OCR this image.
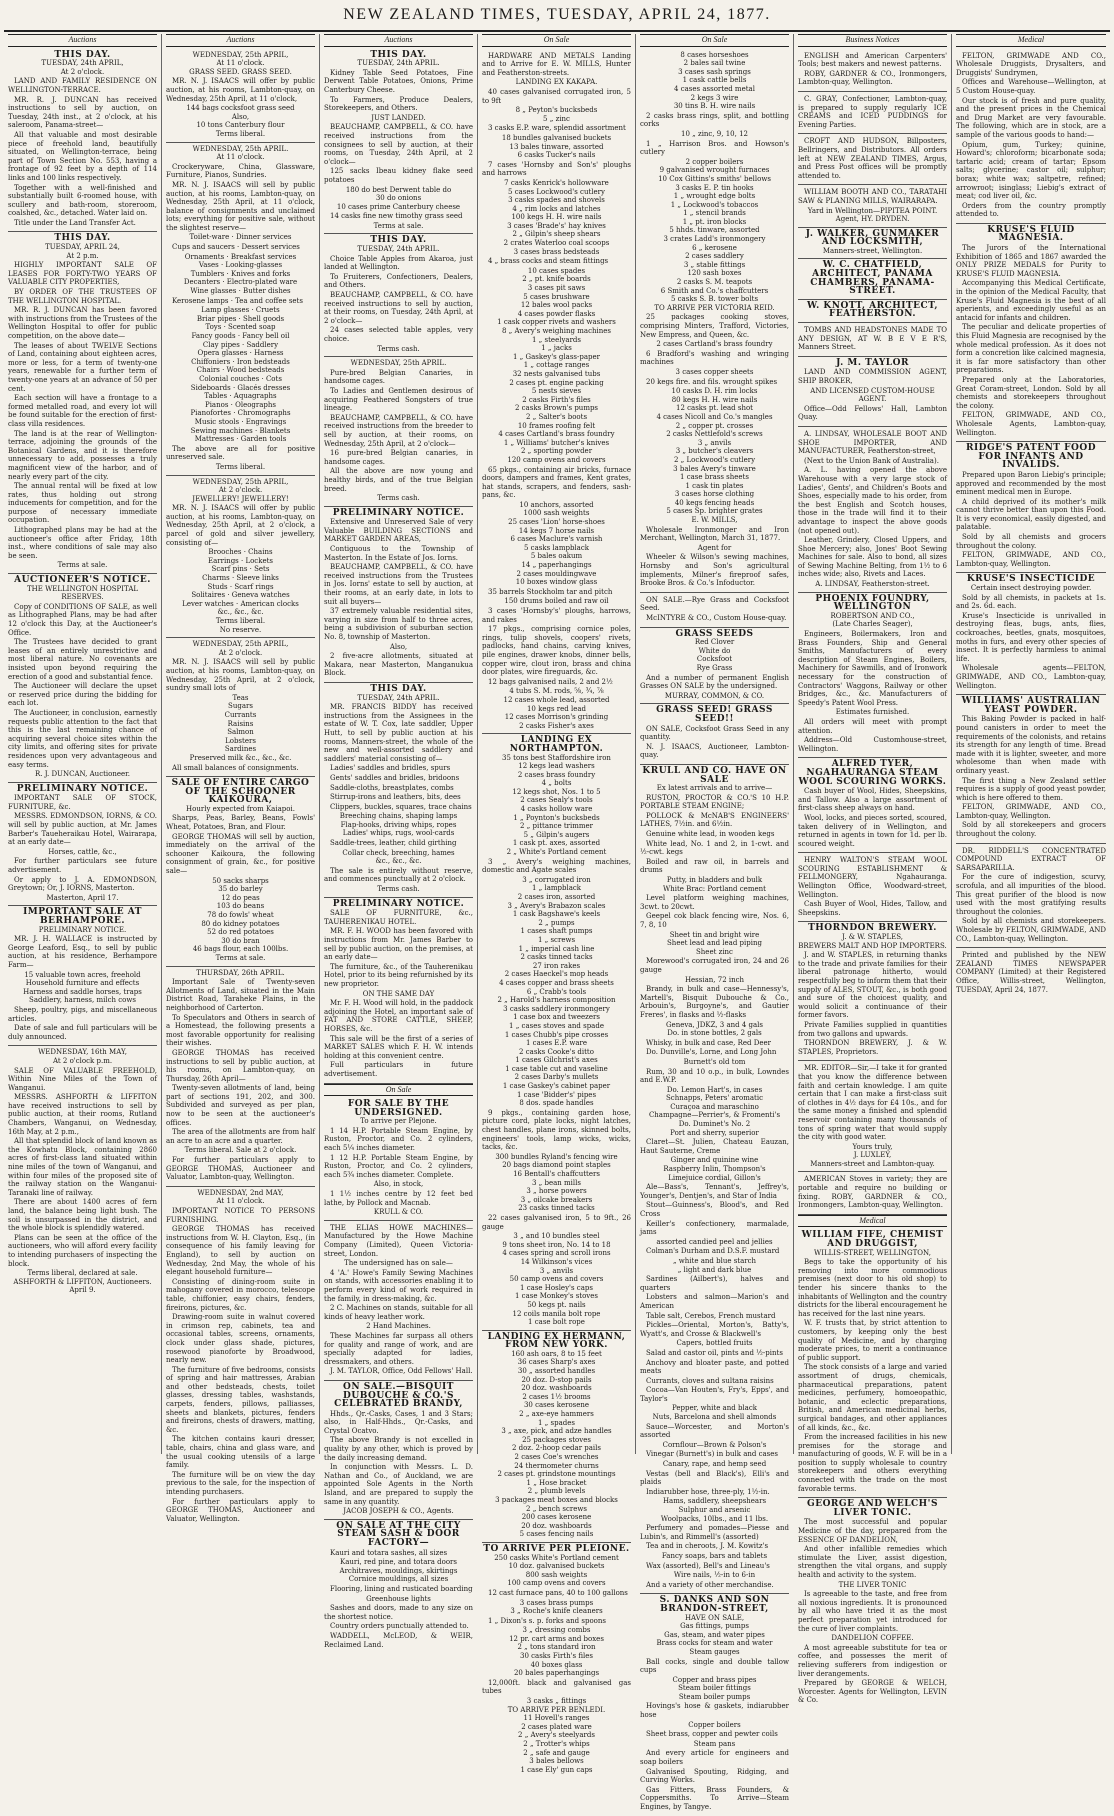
NEW ZEALAND TIMES, TUESDAY, APRIL 24, 1877.
Auctions
THIS DAY.
TUESDAY, 24th APRIL,
At 2 o'clock.
LAND AND FAMILY RESIDENCE ON WELLINGTON-TERRACE.
MR. R. J. DUNCAN has received instructions to sell by auction, on Tuesday, 24th inst., at 2 o'clock, at his saleroom, Panama-street—
All that valuable and most desirable piece of freehold land, beautifully situated, on Wellington-terrace, being part of Town Section No. 553, having a frontage of 92 feet by a depth of 114 links and 100 links respectively.
Together with a well-finished and substantially built 6-roomed house, with scullery and bath-room, storeroom, coalshed, &c., detached. Water laid on.
Title under the Land Transfer Act.
THIS DAY.
TUESDAY, APRIL 24,
At 2 p.m.
HIGHLY IMPORTANT SALE OF LEASES FOR FORTY-TWO YEARS OF VALUABLE CITY PROPERTIES,
BY ORDER OF THE TRUSTEES OF THE WELLINGTON HOSPITAL.
MR. R. J. DUNCAN has been favored with instructions from the Trustees of the Wellington Hospital to offer for public competition, on the above date—
The leases of about TWELVE Sections of Land, containing about eighteen acres, more or less, for a term of twenty-one years, renewable for a further term of twenty-one years at an advance of 50 per cent.
Each section will have a frontage to a formed metalled road, and every lot will be found suitable for the erection of first-class villa residences.
The land is at the rear of Wellington-terrace, adjoining the grounds of the Botanical Gardens, and it is therefore unnecessary to add, possesses a truly magnificent view of the harbor, and of nearly every part of the city.
The annual rental will be fixed at low rates, thus holding out strong inducements for competition, and for the purpose of necessary immediate occupation.
Lithographed plans may be had at the auctioneer's office after Friday, 18th inst., where conditions of sale may also be seen.
Terms at sale.
AUCTIONEER'S NOTICE.
THE WELLINGTON HOSPITAL RESERVES.
Copy of CONDITIONS OF SALE, as well as Lithographed Plans, may be had after 12 o'clock this Day, at the Auctioneer's Office.
The Trustees have decided to grant leases of an entirely unrestrictive and most liberal nature. No covenants are insisted upon beyond requiring the erection of a good and substantial fence.
The Auctioneer will declare the upset or reserved price during the bidding for each lot.
The Auctioneer, in conclusion, earnestly requests public attention to the fact that this is the last remaining chance of acquiring several choice sites within the city limits, and offering sites for private residences upon very advantageous and easy terms.
R. J. DUNCAN, Auctioneer.
PRELIMINARY NOTICE.
IMPORTANT SALE OF STOCK, FURNITURE, &c.
MESSRS. EDMONDSON, IORNS, & CO. will sell by public auction, at Mr. James Barber's Taueheraikau Hotel, Wairarapa, at an early date—
Horses, cattle, &c.,
For further particulars see future advertisement.
Or apply to J. A. EDMONDSON, Greytown; Or, J. IORNS, Masterton.
Masterton, April 17.
IMPORTANT SALE AT BERHAMPORE.
PRELIMINARY NOTICE.
MR. J. H. WALLACE is instructed by George Leaford, Esq., to sell by public auction, at his residence, Berhampore Farm—
15 valuable town acres, freehold
Household furniture and effects
Harness and saddle horses, traps
Saddlery, harness, milch cows
Sheep, poultry, pigs, and miscellaneous articles.
Date of sale and full particulars will be duly announced.
WEDNESDAY, 16th MAY,
At 2 o'clock p.m.
SALE OF VALUABLE FREEHOLD, Within Nine Miles of the Town of Wanganui.
MESSRS. ASHFORTH & LIFFITON have received instructions to sell by public auction, at their rooms, Rutland Chambers, Wanganui, on Wednesday, 16th May, at 2 p.m.,
All that splendid block of land known as the Kowhatu Block, containing 2860 acres of first-class land situated within nine miles of the town of Wanganui, and within four miles of the proposed site of the railway station on the Wanganui-Taranaki line of railway.
There are about 1400 acres of fern land, the balance being light bush. The soil is unsurpassed in the district, and the whole block is splendidly watered.
Plans can be seen at the office of the auctioneers, who will afford every facility to intending purchasers of inspecting the block.
Terms liberal, declared at sale.
ASHFORTH & LIFFITON, Auctioneers.
April 9.
Auctions
WEDNESDAY, 25th APRIL,
At 11 o'clock.
GRASS SEED. GRASS SEED.
MR. N. J. ISAACS will offer by public auction, at his rooms, Lambton-quay, on Wednesday, 25th April, at 11 o'clock,
144 bags cocksfoot grass seed
Also,
10 tons Canterbury flour
Terms liberal.
WEDNESDAY, 25th APRIL.
At 11 o'clock.
Crockeryware, China, Glassware, Furniture, Pianos, Sundries.
MR. N. J. ISAACS will sell by public auction, at his rooms, Lambton-quay, on Wednesday, 25th April, at 11 o'clock, balance of consignments and unclaimed lots; everything for positive sale, without the slightest reserve—
Toilet-ware · Dinner services
Cups and saucers · Dessert services
Ornaments · Breakfast services
Vases · Looking-glasses
Tumblers · Knives and forks
Decanters · Electro-plated ware
Wine glasses · Butter dishes
Kerosene lamps · Tea and coffee sets
Lamp glasses · Cruets
Briar pipes · Shell goods
Toys · Scented soap
Fancy goods · Fancy bell oil
Clay pipes · Saddlery
Opera glasses · Harness
Chiffoniers · Iron bedsteads
Chairs · Wood bedsteads
Colonial couches · Cots
Sideboards · Glacés dresses
Tables · Aquagraphs
Pianos · Oleographs
Pianofortes · Chromographs
Music stools · Engravings
Sewing machines · Blankets
Mattresses · Garden tools
The above are all for positive unreserved sale.
Terms liberal.
WEDNESDAY, 25th APRIL,
At 2 o'clock.
JEWELLERY! JEWELLERY!
MR. N. J. ISAACS will offer by public auction, at his rooms, Lambton-quay, on Wednesday, 25th April, at 2 o'clock, a parcel of gold and silver jewellery, consisting of—
Brooches · Chains
Earrings · Lockets
Scarf pins · Sets
Charms · Sleeve links
Studs · Scarf rings
Solitaires · Geneva watches
Lever watches · American clocks
&c., &c., &c.
Terms liberal.
No reserve.
WEDNESDAY, 25th APRIL,
At 2 o'clock.
MR. N. J. ISAACS will sell by public auction, at his rooms, Lambton-quay, on Wednesday, 25th April, at 2 o'clock, sundry small lots of
Teas
Sugars
Currants
Raisins
Salmon
Lobsters
Sardines
Preserved milk &c., &c., &c.
All small balances of consignments.
SALE OF ENTIRE CARGO OF THE SCHOONER KAIKOURA,
Hourly expected from Kaiapoi.
Sharps, Peas, Barley, Beans, Fowls' Wheat, Potatoes, Bran, and Flour.
GEORGE THOMAS will sell by auction, immediately on the arrival of the schooner Kaikoura, the following consignment of grain, &c., for positive sale—
50 sacks sharps
35 do barley
12 do peas
103 do beans
78 do fowls' wheat
80 do kidney potatoes
52 do red potatoes
30 do bran
46 bags flour, each 100lbs.
Terms at sale.
THURSDAY, 26th APRIL.
Important Sale of Twenty-seven Allotments of Land, situated in the Main District Road, Taraheke Plains, in the neighborhood of Carterton.
To Speculators and Others in search of a Homestead, the following presents a most favorable opportunity for realising their wishes.
GEORGE THOMAS has received instructions to sell by public auction, at his rooms, on Lambton-quay, on Thursday, 26th April—
Twenty-seven allotments of land, being part of sections 191, 202, and 300. Subdivided and surveyed as per plan, now to be seen at the auctioneer's offices.
The area of the allotments are from half an acre to an acre and a quarter.
Terms liberal. Sale at 2 o'clock.
For further particulars apply to GEORGE THOMAS, Auctioneer and Valuator, Lambton-quay, Wellington.
WEDNESDAY, 2nd MAY,
At 11 o'clock.
IMPORTANT NOTICE TO PERSONS FURNISHING.
GEORGE THOMAS has received instructions from W. H. Clayton, Esq., (in consequence of his family leaving for England), to sell by auction on Wednesday, 2nd May, the whole of his elegant household furniture—
Consisting of dining-room suite in mahogany covered in morocco, telescope table, chiffonier, easy chairs, fenders, fireirons, pictures, &c.
Drawing-room suite in walnut covered in crimson rep, cabinets, tea and occasional tables, screens, ornaments, clock under glass shade, pictures, rosewood pianoforte by Broadwood, nearly new.
The furniture of five bedrooms, consists of spring and hair mattresses, Arabian and other bedsteads, chests, toilet glasses, dressing tables, washstands, carpets, fenders, pillows, palliasses, sheets and blankets, pictures, fenders and fireirons, chests of drawers, matting, &c.
The kitchen contains kauri dresser, table, chairs, china and glass ware, and the usual cooking utensils of a large family.
The furniture will be on view the day previous to the sale, for the inspection of intending purchasers.
For further particulars apply to GEORGE THOMAS, Auctioneer and Valuator, Wellington.
Auctions
THIS DAY.
TUESDAY, 24th APRIL.
Kidney Table Seed Potatoes, Fine Derwent Table Potatoes, Onions, Prime Canterbury Cheese.
To Farmers, Produce Dealers, Storekeepers, and Others.
JUST LANDED.
BEAUCHAMP, CAMPBELL, & CO. have received instructions from the consignees to sell by auction, at their rooms, on Tuesday, 24th April, at 2 o'clock—
125 sacks Ibeau kidney flake seed potatoes
180 do best Derwent table do
30 do onions
10 cases prime Canterbury cheese
14 casks fine new timothy grass seed
Terms at sale.
THIS DAY.
TUESDAY, 24th APRIL.
Choice Table Apples from Akaroa, just landed at Wellington.
To Fruiterers, Confectioners, Dealers, and Others.
BEAUCHAMP, CAMPBELL, & CO. have received instructions to sell by auction, at their rooms, on Tuesday, 24th April, at 2 o'clock—
24 cases selected table apples, very choice.
Terms cash.
WEDNESDAY, 25th APRIL.
Pure-bred Belgian Canaries, in handsome cages.
To Ladies and Gentlemen desirous of acquiring Feathered Songsters of true lineage.
BEAUCHAMP, CAMPBELL, & CO. have received instructions from the breeder to sell by auction, at their rooms, on Wednesday, 25th April, at 2 o'clock—
16 pure-bred Belgian canaries, in handsome cages.
All the above are now young and healthy birds, and of the true Belgian breed.
Terms cash.
PRELIMINARY NOTICE.
Extensive and Unreserved Sale of very Valuable BUILDING SECTIONS and MARKET GARDEN AREAS,
Contiguous to the Township of Masterton. In the Estate of Jos. Iorns.
BEAUCHAMP, CAMPBELL, & CO. have received instructions from the Trustees in Jos. Iorns' estate to sell by auction, at their rooms, at an early date, in lots to suit all buyers—
37 extremely valuable residential sites, varying in size from half to three acres, being a subdivision of suburban section No. 8, township of Masterton.
Also,
2 five-acre allotments, situated at Makara, near Masterton, Manganukua Block.
THIS DAY.
TUESDAY, 24th APRIL.
MR. FRANCIS BIDDY has received instructions from the Assignees in the estate of W. T. Cox, late saddler, Upper Hutt, to sell by public auction at his rooms, Manners-street, the whole of the new and well-assorted saddlery and saddlers' material consisting of—
Ladies' saddles and bridles, spurs
Gents' saddles and bridles, bridoons
Saddle-cloths, breastplates, combs
Stirrup-irons and leathers, bits, dees
Clippers, buckles, squares, trace chains
Breeching chains, shaping lamps
Flap-hooks, driving whips, ropes
Ladies' whips, rugs, wool-cards
Saddle-trees, leather, child girthing
Collar check, breeching, hames
&c., &c., &c.
The sale is entirely without reserve, and commences punctually at 2 o'clock.
Terms cash.
PRELIMINARY NOTICE.
SALE OF FURNITURE, &c., TAUHERENIKAU HOTEL.
MR. F. H. WOOD has been favored with instructions from Mr. James Barber to sell by public auction, on the premises, at an early date—
The furniture, &c., of the Tauherenikau Hotel, prior to its being refurnished by its new proprietor.
ON THE SAME DAY
Mr. F. H. Wood will hold, in the paddock adjoining the Hotel, an important sale of FAT AND STORE CATTLE, SHEEP, HORSES, &c.
This sale will be the first of a series of MARKET SALES which F. H. W. intends holding at this convenient centre.
Full particulars in future advertisement.
On Sale
FOR SALE BY THE UNDERSIGNED.
To arrive per Plejone.
1 14 H.P. Portable Steam Engine, by Ruston, Proctor, and Co. 2 cylinders, each 5¼ inches diameter.
1 12 H.P. Portable Steam Engine, by Ruston, Proctor, and Co. 2 cylinders, each 5¾ inches diameter. Complete.
Also, in stock,
1 1½ inches centre by 12 feet bed lathe, by Pollock and Macnab.
KRULL & CO.
THE ELIAS HOWE MACHINES—Manufactured by the Howe Machine Company (Limited), Queen Victoria-street, London.
The undersigned has on sale—
4 'A.' Howe's Family Sewing Machines on stands, with accessories enabling it to perform every kind of work required in the family, in dress-making, &c.
2 C. Machines on stands, suitable for all kinds of heavy leather work.
2 Hand Machines.
These Machines far surpass all others for quality and range of work, and are specially adapted for ladies, dressmakers, and others.
J. M. TAYLOR, Office, Odd Fellows' Hall.
ON SALE.—BISQUIT DUBOUCHE & CO.'S CELEBRATED BRANDY,
Hhds., Qr.-Casks, Cases, 1 and 3 Stars; also, in Half-Hhds., Qr.-Casks, and Crystal Ocatvo.
The above Brandy is not excelled in quality by any other, which is proved by the daily increasing demand.
In conjunction with Messrs. L. D. Nathan and Co., of Auckland, we are appointed Sole Agents in the North Island, and are prepared to supply the same in any quantity.
JACOB JOSEPH & CO., Agents.
ON SALE AT THE CITY STEAM SASH & DOOR FACTORY—
Kauri and totara sashes, all sizes
Kauri, red pine, and totara doors
Architraves, mouldings, skirtings
Cornice mouldings, all sizes
Flooring, lining and rusticated boarding
Greenhouse lights
Sashes and doors, made to any size on the shortest notice.
Country orders punctually attended to.
WADDELL, McLEOD, & WEIR, Reclaimed Land.
On Sale
HARDWARE AND METALS Landing and to Arrive for E. W. MILLS, Hunter and Featherston-streets.
LANDING EX KAKAPA.
40 cases galvanised corrugated iron, 5 to 9ft
8 „ Peyton's bucksbeds
5 „ zinc
3 casks E.P. ware, splendid assortment
18 bundles galvanised buckets
13 bales tinware, assorted
6 casks Tucker's nails
7 cases 'Hornsby and Son's' ploughs and harrows
7 casks Kenrick's hollowware
5 cases Lockwood's cutlery
3 casks spades and shovels
4 „ rim locks and latches
100 kegs H. H. wire nails
3 cases 'Brade's' hay knives
2 „ Gilpin's sheep shears
2 crates Waterloo coal scoops
3 cases brass bedsteads
4 „ brass cocks and steam fittings
10 cases spades
2 „ pt. knife boards
3 cases pit saws
5 cases brushware
12 bales wool packs
4 cases powder flasks
1 cask copper rivets and washers
8 „ Avery's weighing machines
1 „ steelyards
1 „ jacks
1 „ Gaskey's glass-paper
1 „ cottage ranges
32 nests galvanised tubs
2 cases pt. engine packing
5 nests sieves
2 casks Firth's files
2 casks Brown's pumps
2 „ Salter's boots
10 frames roofing felt
4 cases Cartland's brass foundry
1 „ Williams' butcher's knives
2 „ sporting powder
120 camp ovens and covers
65 pkgs., containing air bricks, furnace doors, dampers and frames, Kent grates, hat stands, scrapers, and fenders, sash-pans, &c.
10 anchors, assorted
1000 sash weights
25 cases 'Lion' horse-shoes
14 kegs 7 horse nails
6 cases Maclure's varnish
5 casks lampblack
5 bales oakum
14 „ paperhangings
2 cases mouldingwave
10 boxes window glass
35 barrels Stockholm tar and pitch
150 drums boiled and raw oil
3 cases 'Hornsby's' ploughs, harrows, and rakes
17 pkgs., comprising cornice poles, rings, tulip shovels, coopers' rivets, padlocks, hand chains, carving knives, pile engines, drawer knobs, dinner bells, copper wire, clout iron, brass and china door plates, wire fireguards, &c.
12 bags galvanised nails, 2 and 2½
4 tubs S. M. rods, ⅝, ¾, ⅞
12 cases whole lead, assorted
10 kegs red lead
12 cases Morrison's grinding
2 casks Fisher's axes
LANDING EX NORTHAMPTON.
35 tons best Staffordshire iron
12 kegs lead washers
2 cases brass foundry
4 „ bolts
12 kegs shot, Nos. 1 to 5
2 cases Sealy's tools
4 casks hollow ware
1 „ Poynton's bucksbeds
2 „ pittance trimmer
5 „ Gilpin's augers
1 cask pt. axes, assorted
2 „ White's Portland cement
3 „ Avery's weighing machines, domestic and Agate scales
3 „ corrugated iron
1 „ lampblack
2 cases iron, assorted
3 „ Avery's Brabazon scales
1 cask Bagshawe's keels
2 „ pumps
1 cases shaft pumps
1 „ screws
1 „ imperial cash line
2 casks tinned tacks
27 iron rakes
2 cases Haeckel's mop heads
4 cases copper and brass sheets
6 „ Crabb's tools
2 „ Harold's harness composition
3 casks saddlery ironmongery
1 case box and tweezers
1 „ cases stoves and spade
1 cases Chubb's pipe crosses
1 cases E.P. ware
2 casks Cooke's ditto
1 cases Gilchrist's axes
1 case table cut and vaseline
2 cases Darby's mullets
1 case Gaskey's cabinet paper
1 case 'Bidder's' pipes
8 dos. spade handles
9 pkgs., containing garden hose, picture cord, plate locks, night latches, chest handles, plane irons, skinned bolts, engineers' tools, lamp wicks, wicks, tacks, &c.
300 bundles Ryland's fencing wire
20 bags diamond point staples
16 Bentall's chaffcutters
3 „ bean mills
3 „ horse powers
3 „ oilcake breakers
23 casks tinned tacks
22 cases galvanised iron, 5 to 9ft., 26 gauge
3 „ and 10 bundles steel
9 tons sheet iron, No. 14 to 18
4 cases spring and scroll irons
14 Wilkinson's vices
3 „ anvils
50 camp ovens and covers
1 case Hosley's caps
1 case Monkey's stoves
50 kegs pt. nails
12 coils manila bolt rope
1 case bolt rope
LANDING EX HERMANN, FROM NEW YORK.
160 ash oars, 8 to 15 feet
36 cases Sharp's axes
30 „ assorted handles
20 doz. D-stop pails
20 doz. washboards
2 cases 1½ brooms
30 cases kerosene
2 „ axe-eye hammers
1 „ spades
3 „ axe, pick, and adze handles
25 packages stoves
2 doz. 2-hoop cedar pails
2 cases Coe's wrenches
24 thermometer churns
2 cases pt. grindstone mountings
1 „ Hose bracket
2 „ plumb levels
3 packages meat boxes and blocks
2 „ bench screws
200 cases kerosene
20 doz. washboards
5 cases fencing nails
TO ARRIVE PER PLEIONE.
250 casks White's Portland cement
10 doz. galvanised buckets
800 sash weights
100 camp ovens and covers
12 cast furnace pans, 40 to 100 gallons
3 cases brass pumps
3 „ Roche's knife cleaners
1 „ Dixon's s. p. forks and spoons
3 „ dressing combs
12 pr. cart arms and boxes
2 „ tons standard iron
30 casks Firth's files
40 boxes glass
20 bales paperhangings
12,000ft. black and galvanised gas tubes
3 casks „ fittings
TO ARRIVE PER BENLEDI.
11 Hovell's ranges
2 cases plated ware
2 „ Avery's steelyards
2 „ Trotter's whips
2 „ safe and gauge
3 bales bellows
1 case Ely' gun caps
On Sale
8 cases horseshoes
2 bales sail twine
3 cases sash springs
1 cask cattle bells
4 cases assorted metal
2 kegs 3 wire
30 tins B. H. wire nails
2 casks brass rings, split, and bottling corks
10 „ zinc, 9, 10, 12
1 „ Harrison Bros. and Howson's cutlery
2 copper boilers
9 galvanised wrought furnaces
10 Cox Gittins's smiths' bellows
3 casks E. P. tin hooks
1 „ wrought edge bolts
1 „ Lockwood's tobaccos
1 „ stencil brands
1 „ pt. iron blocks
5 hhds. tinware, assorted
3 crates Ladd's ironmongery
6 „ kerosene
2 cases saddlery
3 „ stable fittings
120 sash boxes
2 casks S. M. teapots
6 Smith and Co.'s chaffcutters
5 casks S. B. tower bolts
TO ARRIVE PER VICTORIA REID.
25 packages cooking stoves, comprising Minters, Trafford, Victories, New Empress, and Queen, &c.
2 cases Cartland's brass foundry
6 Bradford's washing and wringing machines
3 cases copper sheets
20 kegs fire. and fils. wrought spikes
10 casks D. H. rim locks
80 kegs H. H. wire nails
12 casks pt. lead shot
4 cases Nicoll and Co.'s mangles
2 „ copper pt. crosses
2 casks Nettlefold's screws
3 „ anvils
3 „ butcher's cleavers
2 „ Lockwood's cutlery
3 bales Avery's tinware
1 case brass sheets
1 cask tin plates
3 cases horse clothing
40 kegs fencing heads
5 cases Sp. brighter grates
E. W. MILLS,
Wholesale Ironmonger and Iron Merchant, Wellington, March 31, 1877.
Agent for
Wheeler & Wilson's sewing machines, Hornsby and Son's agricultural implements, Milner's fireproof safes, Brooke Bros. & Co.'s Infoductor.
ON SALE.—Rye Grass and Cocksfoot Seed.
McINTYRE & CO., Custom House-quay.
GRASS SEEDS
Red Clover
White do
Cocksfoot
Rye Grass
And a number of permanent English Grasses ON SALE by the undersigned.
MURRAY, COMMON, & CO.
GRASS SEED! GRASS SEED!!
ON SALE, Cocksfoot Grass Seed in any quantity.
N. J. ISAACS, Auctioneer, Lambton-quay.
KRULL AND CO. HAVE ON SALE
Ex latest arrivals and to arrive—
RUSTON, PROCTOR & CO.'S 10 H.P. PORTABLE STEAM ENGINE;
POLLOCK & McNAB'S ENGINEERS' LATHES, 7½in. and 6½in.
Genuine white lead, in wooden kegs
White lead, No. 1 and 2, in 1-cwt. and ½-cwt. kegs
Boiled and raw oil, in barrels and drums
Putty, in bladders and bulk
White Brac: Portland cement
Level platform weighing machines, 3cwt. to 20cwt.
Geepel cok black fencing wire, Nos. 6, 7, 8, 10
Sheet tin and bright wire
Sheet lead and lead piping
Sheet zinc
Morewood's corrugated iron, 24 and 26 gauge
Hessian, 72 inch
Brandy, in bulk and case—Hennessy's, Martell's, Bisquit Dubouche & Co., Arbouin's, Burgoyne's, and Gautier Freres', in flasks and ½-flasks
Geneva, JDKZ, 3 and 4 gals
Do. in stone bottles, 2 gals
Whisky, in bulk and case, Red Deer
Do. Dunville's, Lorne, and Long John
Burnett's old tom
Rum, 30 and 10 o.p., in bulk, Lowndes and E.W.P.
Do. Lemon Hart's, in cases
Schnapps, Peters' aromatic
Curaçoa and maraschino
Champagne—Perrier's, & Fromenti's
Do. Duminet's No. 2
Port and sherry, superior
Claret—St. Julien, Chateau Eauzan, Haut Sauterne, Creme
Ginger and quinine wine
Raspberry Inlin, Thompson's
Limejuice cordial, Gillon's
Ale—Bass's, Tennant's, Jeffrey's, Younger's, Dentjen's, and Star of India
Stout—Guinness's, Blood's, and Red Cross
Keiller's confectionery, marmalade, jams
assorted candied peel and jellies
Colman's Durham and D.S.F. mustard
„ white and blue starch
„ light and dark blue
Sardines (Ailbert's), halves and quarters
Lobsters and salmon—Marion's and American
Table salt, Cerebos, French mustard
Pickles—Oriental, Morton's, Batty's, Wyatt's, and Crosse & Blackwell's
Capers, bottled fruits
Salad and castor oil, pints and ½-pints
Anchovy and bloater paste, and potted meats
Currants, cloves and sultana raisins
Cocoa—Van Houten's, Fry's, Epps', and Taylor's
Pepper, white and black
Nuts, Barcelona and shell almonds
Sauce—Worcester, and Morton's assorted
Cornflour—Brown & Polson's
Vinegar (Burnett's) in bulk and cases
Canary, rape, and hemp seed
Vestas (bell and Black's), Elli's and plaids
Indiarubber hose, three-ply, 1½-in.
Hams, saddlery, sheepshears
Sulphur and arsenic
Woolpacks, 10lbs., and 11 lbs.
Perfumery and pomades—Piesse and Lubin's, and Rimmell's (assorted)
Tea and in cheroots, J. M. Kowitz's
Fancy soaps, bars and tablets
Wax (assorted), Bell's and Lineau's
Wire nails, ½-in to 6-in
And a variety of other merchandise.
S. DANKS AND SON BRANDON-STREET,
HAVE ON SALE,
Gas fittings, pumps
Gas, steam, and water pipes
Brass cocks for steam and water
Steam gauges
Ball cocks, single and double tallow cups
Copper and brass pipes
Steam boiler fittings
Steam boiler pumps
Hovings's hose & gaskets, indiarubber hose
Copper boilers
Sheet brass, copper and pewter coils
Steam pans
And every article for engineers and soap boilers
Galvanised Spouting, Ridging, and Curving Works.
Gas Fitters, Brass Founders, & Coppersmiths. To Arrive—Steam Engines, by Tangye.
Business Notices
ENGLISH and American Carpenters' Tools; best makers and newest patterns.
ROBY, GARDNER & CO., Ironmongers, Lambton-quay, Wellington.
C. GRAY, Confectioner, Lambton-quay, is prepared to supply regularly ICE CREAMS and ICED PUDDINGS for Evening Parties.
CROFT AND HUDSON, Billposters, Bellringers, and Distributors. All orders left at NEW ZEALAND TIMES, Argus, and Press Post offices will be promptly attended to.
WILLIAM BOOTH AND CO., TARATAHI SAW & PLANING MILLS, WAIRARAPA.
Yard in Wellington—PIPITEA POINT.
Agent, HY. DRYDEN.
J. WALKER, GUNMAKER AND LOCKSMITH,
Manners-street, Wellington.
W. C. CHATFIELD, ARCHITECT, PANAMA CHAMBERS, PANAMA-STREET.
W. KNOTT, ARCHITECT, FEATHERSTON.
TOMBS AND HEADSTONES MADE TO ANY DESIGN, AT W. B E V E R'S, Manners Street.
J. M. TAYLOR
LAND AND COMMISSION AGENT, SHIP BROKER,
AND LICENSED CUSTOM-HOUSE AGENT.
Office—Odd Fellows' Hall, Lambton Quay.
A. LINDSAY, WHOLESALE BOOT AND SHOE IMPORTER, AND MANUFACTURER, Featherston-street,
(Next to the Union Bank of Australia).
A. L. having opened the above Warehouse with a very large stock of Ladies', Gents', and Children's Boots and Shoes, especially made to his order, from the best English and Scotch houses, those in the trade will find it to their advantage to inspect the above goods (not opened out).
Leather, Grindery, Closed Uppers, and Shoe Mercery; also, Jones' Boot Sewing Machines for sale. Also to bond, all sizes of Sewing Machine Belting, from 1½ to 6 inches wide; also, Rivets and Laces.
A. LINDSAY, Featherston-street.
PHOENIX FOUNDRY, WELLINGTON
ROBERTSON AND CO.,
(Late Charles Seager),
Engineers, Boilermakers, Iron and Brass Founders, Ship and General Smiths, Manufacturers of every description of Steam Engines, Boilers, Machinery for Sawmills, and of Ironwork necessary for the construction of Contractors' Waggons, Railway or other Bridges, &c., &c. Manufacturers of Speedy's Patent Wool Press.
Estimates furnished.
All orders will meet with prompt attention.
Address—Old Customhouse-street, Wellington.
ALFRED TYER, NGAHAURANGA STEAM WOOL SCOURING WORKS.
Cash buyer of Wool, Hides, Sheepskins, and Tallow. Also a large assortment of first-class sheep always on hand.
Wool, locks, and pieces sorted, scoured, taken delivery of in Wellington, and returned in agents in town for 1d. per lb. scoured weight.
HENRY WALTON'S STEAM WOOL SCOURING ESTABLISHMENT & FELLMONGERY, Ngahauranga. Wellington Office, Woodward-street, Wellington.
Cash Buyer of Wool, Hides, Tallow, and Sheepskins.
THORNDON BREWERY.
J. & W. STAPLES,
BREWERS MALT AND HOP IMPORTERS.
J. and W. STAPLES, in returning thanks to the trade and private families for their liberal patronage hitherto, would respectfully beg to inform them that their supply of ALES, STOUT, &c., is both good and sure of the choicest quality, and would solicit a continuance of their former favors.
Private Families supplied in quantities from two gallons and upwards.
THORNDON BREWERY, J. & W. STAPLES, Proprietors.
MR. EDITOR—Sir,—I take it for granted that you know the difference between faith and certain knowledge. I am quite certain that I can make a first-class suit of clothes in 4½ days for £4 10s., and for the same money a finished and splendid reservoir containing many thousands of tons of spring water that would supply the city with good water.
Yours truly,
J. LUXLEY,
Manners-street and Lambton-quay.
AMERICAN Stoves in variety; they are portable and require no building or fixing. ROBY, GARDNER & CO., Ironmongers, Lambton-quay, Wellington.
Medical
WILLIAM FIFE, CHEMIST AND DRUGGIST,
WILLIS-STREET, WELLINGTON,
Begs to take the opportunity of his removing into more commodious premises (next door to his old shop) to tender his sincere thanks to the inhabitants of Wellington and the country districts for the liberal encouragement he has received for the last nine years.
W. F. trusts that, by strict attention to customers, by keeping only the best quality of Medicine, and by charging moderate prices, to merit a continuance of public support.
The stock consists of a large and varied assortment of drugs, chemicals, pharmaceutical preparations, patent medicines, perfumery, homoeopathic, botanic, and eclectic preparations, British, and American medicinal herbs, surgical bandages, and other appliances of all kinds, &c., &c.
From the increased facilities in his new premises for the storage and manufacturing of goods, W. F. will be in a position to supply wholesale to country storekeepers and others everything connected with the trade on the most favorable terms.
GEORGE AND WELCH'S LIVER TONIC.
The most successful and popular Medicine of the day, prepared from the ESSENCE OF DANDELION,
And other infallible remedies which stimulate the Liver, assist digestion, strengthen the vital organs, and supply health and activity to the system.
THE LIVER TONIC
Is agreeable to the taste, and free from all noxious ingredients. It is pronounced by all who have tried it as the most perfect preparation yet introduced for the cure of liver complaints.
DANDELION COFFEE.
A most agreeable substitute for tea or coffee, and possesses the merit of relieving sufferers from indigestion or liver derangements.
Prepared by GEORGE & WELCH, Worcester. Agents for Wellington, LEVIN & Co.
Medical
FELTON, GRIMWADE AND CO., Wholesale Druggists, Drysalters, and Druggists' Sundrymen,
Offices and Warehouse—Wellington, at 5 Custom House-quay.
Our stock is of fresh and pure quality, and the present prices in the Chemical and Drug Market are very favourable. The following, which are in stock, are a sample of the various goods to hand:—
Opium, gum, Turkey; quinine, Howard's; chloroform; bicarbonate soda; tartaric acid; cream of tartar; Epsom salts; glycerine; castor oil; sulphur; borax; white wax; saltpetre, refined; arrowroot; isinglass; Liebig's extract of meat; cod liver oil, &c.
Orders from the country promptly attended to.
KRUSE'S FLUID MAGNESIA.
The Jurors of the International Exhibition of 1865 and 1867 awarded the ONLY PRIZE MEDALS for Purity to KRUSE'S FLUID MAGNESIA.
Accompanying this Medical Certificate, in the opinion of the Medical Faculty, that Kruse's Fluid Magnesia is the best of all aperients, and exceedingly useful as an antacid for infants and children.
The peculiar and delicate properties of this Fluid Magnesia are recognised by the whole medical profession. As it does not form a concretion like calcined magnesia, it is far more satisfactory than other preparations.
Prepared only at the Laboratories, Great Coram-street, London. Sold by all chemists and storekeepers throughout the colony.
FELTON, GRIMWADE, AND CO., Wholesale Agents, Lambton-quay, Wellington.
RIDGE'S PATENT FOOD FOR INFANTS AND INVALIDS.
Prepared upon Baron Liebig's principle; approved and recommended by the most eminent medical men in Europe.
A child deprived of its mother's milk cannot thrive better than upon this Food. It is very economical, easily digested, and palatable.
Sold by all chemists and grocers throughout the colony.
FELTON, GRIMWADE, AND CO., Lambton-quay, Wellington.
KRUSE'S INSECTICIDE
Certain insect destroying powder.
Sold by all chemists, in packets at 1s. and 2s. 6d. each.
Kruse's Insecticide is unrivalled in destroying fleas, bugs, ants, flies, cockroaches, beetles, gnats, mosquitoes, moths in furs, and every other species of insect. It is perfectly harmless to animal life.
Wholesale agents—FELTON, GRIMWADE, AND CO., Lambton-quay, Wellington.
WILLIAMS' AUSTRALIAN YEAST POWDER.
This Baking Powder is packed in half-pound canisters in order to meet the requirements of the colonists, and retains its strength for any length of time. Bread made with it is lighter, sweeter, and more wholesome than when made with ordinary yeast.
The first thing a New Zealand settler requires is a supply of good yeast powder, which is here offered to them.
FELTON, GRIMWADE, AND CO., Lambton-quay, Wellington.
Sold by all storekeepers and grocers throughout the colony.
DR. RIDDELL'S CONCENTRATED COMPOUND EXTRACT OF SARSAPARILLA.
For the cure of indigestion, scurvy, scrofula, and all impurities of the blood. This great purifier of the blood is now used with the most gratifying results throughout the colonies.
Sold by all chemists and storekeepers. Wholesale by FELTON, GRIMWADE, AND CO., Lambton-quay, Wellington.
Printed and published by the NEW ZEALAND TIMES NEWSPAPER COMPANY (Limited) at their Registered Office, Willis-street, Wellington, TUESDAY, April 24, 1877.
